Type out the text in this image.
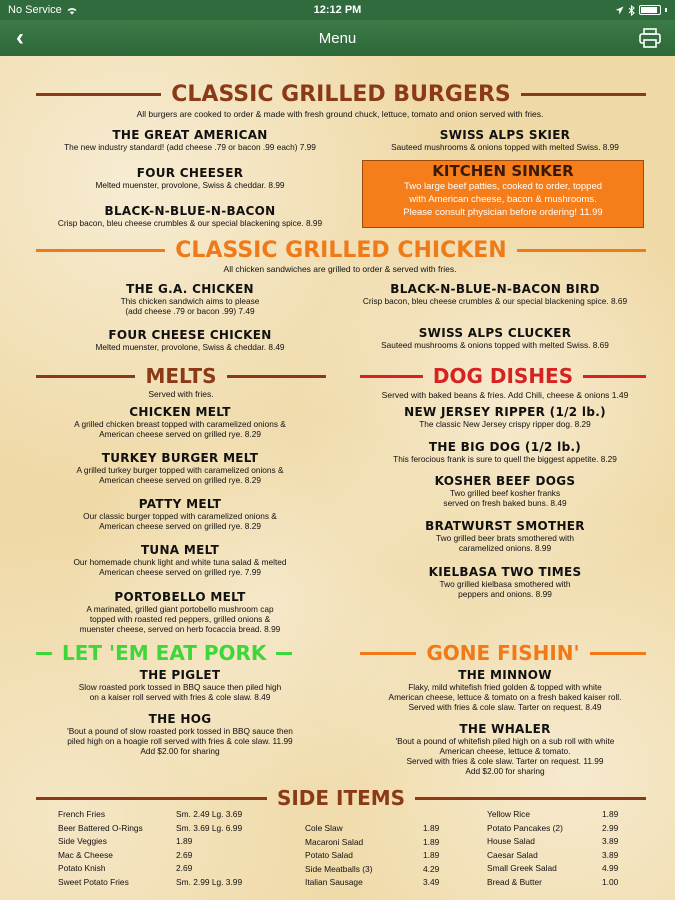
No Service	12:12 PM
‹	Menu
CLASSIC GRILLED BURGERS
All burgers are cooked to order & made with fresh ground chuck, lettuce, tomato and onion served with fries.
THE GREAT AMERICAN
The new industry standard! (add cheese .79 or bacon .99 each) 7.99
FOUR CHEESER
Melted muenster, provolone, Swiss & cheddar. 8.99
BLACK-N-BLUE-N-BACON
Crisp bacon, bleu cheese crumbles & our special blackening spice. 8.99
SWISS ALPS SKIER
Sauteed mushrooms & onions topped with melted Swiss. 8.99
KITCHEN SINKER
Two large beef patties, cooked to order, topped
with American cheese, bacon & mushrooms.
Please consult physician before ordering! 11.99
CLASSIC GRILLED CHICKEN
All chicken sandwiches are grilled to order & served with fries.
THE G.A. CHICKEN
This chicken sandwich aims to please
(add cheese .79 or bacon .99) 7.49
FOUR CHEESE CHICKEN
Melted muenster, provolone, Swiss & cheddar. 8.49
BLACK-N-BLUE-N-BACON BIRD
Crisp bacon, bleu cheese crumbles & our special blackening spice. 8.69
SWISS ALPS CLUCKER
Sauteed mushrooms & onions topped with melted Swiss. 8.69
MELTS
Served with fries.
CHICKEN MELT
A grilled chicken breast topped with caramelized onions &
American cheese served on grilled rye. 8.29
TURKEY BURGER MELT
A grilled turkey burger topped with caramelized onions &
American cheese served on grilled rye. 8.29
PATTY MELT
Our classic burger topped with caramelized onions &
American cheese served on grilled rye. 8.29
TUNA MELT
Our homemade chunk light and white tuna salad & melted
American cheese served on grilled rye. 7.99
PORTOBELLO MELT
A marinated, grilled giant portobello mushroom cap
topped with roasted red peppers, grilled onions &
muenster cheese, served on herb focaccia bread. 8.99
DOG DISHES
Served with baked beans & fries. Add Chili, cheese & onions 1.49
NEW JERSEY RIPPER (1/2 lb.)
The classic New Jersey crispy ripper dog. 8.29
THE BIG DOG (1/2 lb.)
This ferocious frank is sure to quell the biggest appetite. 8.29
KOSHER BEEF DOGS
Two grilled beef kosher franks
served on fresh baked buns. 8.49
BRATWURST SMOTHER
Two grilled beer brats smothered with
caramelized onions. 8.99
KIELBASA TWO TIMES
Two grilled kielbasa smothered with
peppers and onions. 8.99
LET 'EM EAT PORK
THE PIGLET
Slow roasted pork tossed in BBQ sauce then piled high
on a kaiser roll served with fries & cole slaw. 8.49
THE HOG
'Bout a pound of slow roasted pork tossed in BBQ sauce then
piled high on a hoagie roll served with fries & cole slaw. 11.99
Add $2.00 for sharing
GONE FISHIN'
THE MINNOW
Flaky, mild whitefish fried golden & topped with white
American cheese, lettuce & tomato on a fresh baked kaiser roll.
Served with fries & cole slaw. Tarter on request. 8.49
THE WHALER
'Bout a pound of whitefish piled high on a sub roll with white
American cheese, lettuce & tomato.
Served with fries & cole slaw. Tarter on request. 11.99
Add $2.00 for sharing
SIDE ITEMS
French Fries	Sm. 2.49 Lg. 3.69
Beer Battered O-Rings	Sm. 3.69 Lg. 6.99
Side Veggies	1.89
Mac & Cheese	2.69
Potato Knish	2.69
Sweet Potato Fries	Sm. 2.99 Lg. 3.99
Cole Slaw	1.89
Macaroni Salad	1.89
Potato Salad	1.89
Side Meatballs (3)	4.29
Italian Sausage	3.49
Yellow Rice	1.89
Potato Pancakes (2)	2.99
House Salad	3.89
Caesar Salad	3.89
Small Greek Salad	4.99
Bread & Butter	1.00
